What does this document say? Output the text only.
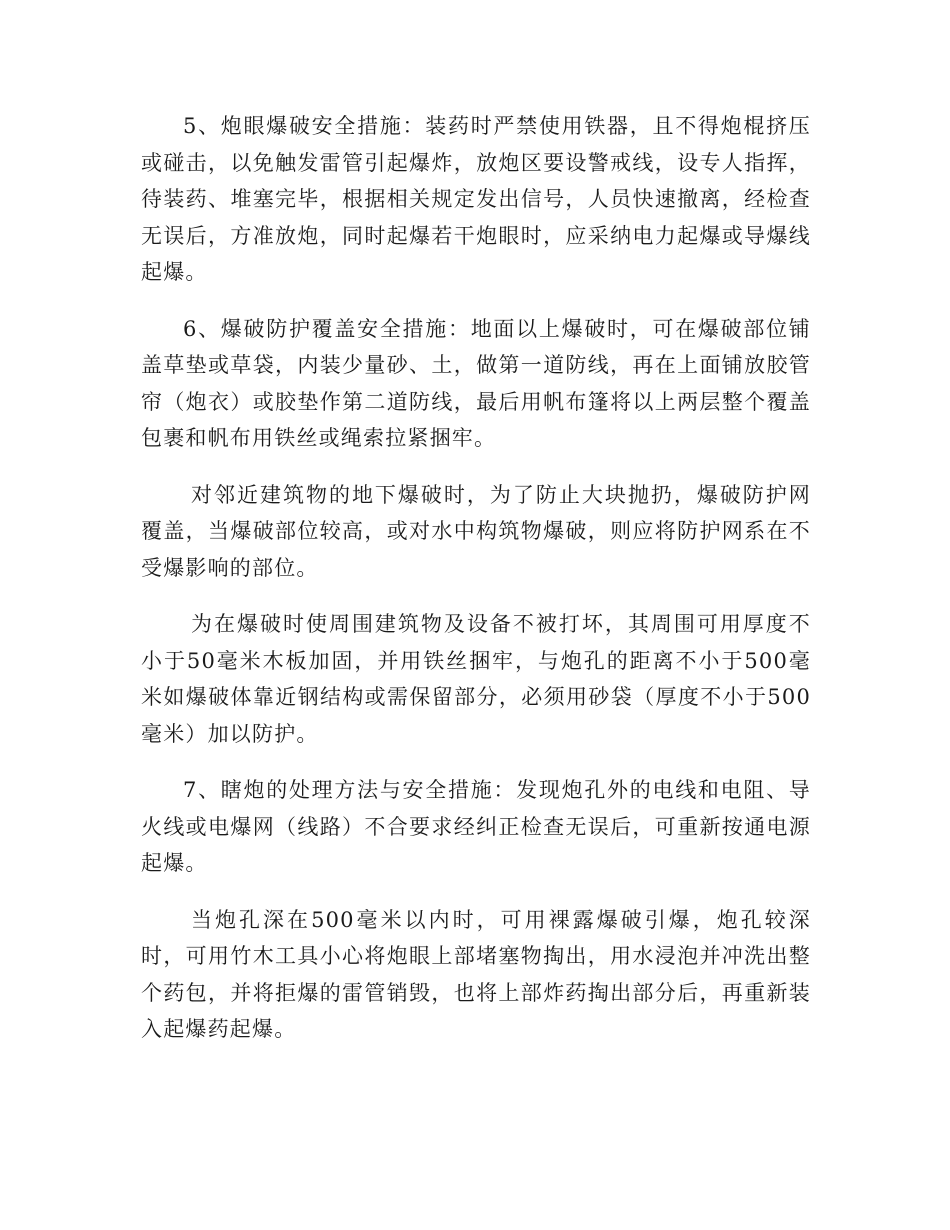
5、炮眼爆破安全措施：装药时严禁使用铁器，且不得炮棍挤压或碰击，以免触发雷管引起爆炸，放炮区要设警戒线，设专人指挥，待装药、堆塞完毕，根据相关规定发出信号，人员快速撤离，经检查无误后，方准放炮，同时起爆若干炮眼时，应采纳电力起爆或导爆线起爆。

6、爆破防护覆盖安全措施：地面以上爆破时，可在爆破部位铺盖草垫或草袋，内装少量砂、土，做第一道防线，再在上面铺放胶管帘（炮衣）或胶垫作第二道防线，最后用帆布篷将以上两层整个覆盖包裹和帆布用铁丝或绳索拉紧捆牢。

对邻近建筑物的地下爆破时，为了防止大块抛扔，爆破防护网覆盖，当爆破部位较高，或对水中构筑物爆破，则应将防护网系在不受爆影响的部位。

为在爆破时使周围建筑物及设备不被打坏，其周围可用厚度不小于50毫米木板加固，并用铁丝捆牢，与炮孔的距离不小于500毫米如爆破体靠近钢结构或需保留部分，必须用砂袋（厚度不小于500毫米）加以防护。

7、瞎炮的处理方法与安全措施：发现炮孔外的电线和电阻、导火线或电爆网（线路）不合要求经纠正检查无误后，可重新按通电源起爆。

当炮孔深在500毫米以内时，可用裸露爆破引爆，炮孔较深时，可用竹木工具小心将炮眼上部堵塞物掏出，用水浸泡并冲洗出整个药包，并将拒爆的雷管销毁，也将上部炸药掏出部分后，再重新装入起爆药起爆。
